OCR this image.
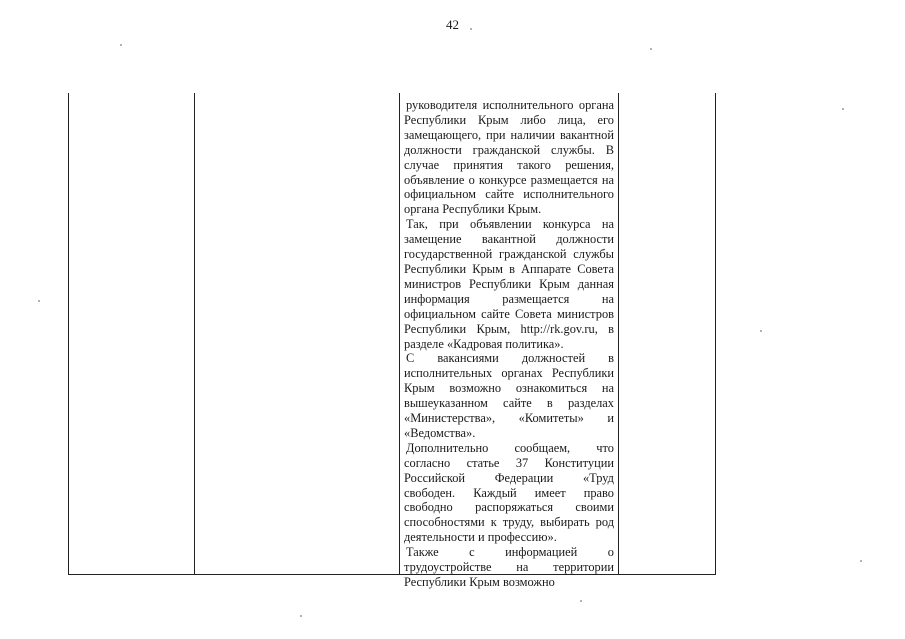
42

руководителя исполнительного органа Республики Крым либо лица, его замещающего, при наличии вакантной должности гражданской службы. В случае принятия такого решения, объявление о конкурсе размещается на официальном сайте исполнительного органа Республики Крым.

Так, при объявлении конкурса на замещение вакантной должности государственной гражданской службы Республики Крым в Аппарате Совета министров Республики Крым данная информация размещается на официальном сайте Совета министров Республики Крым, http://rk.gov.ru, в разделе «Кадровая политика».

С вакансиями должностей в исполнительных органах Республики Крым возможно ознакомиться на вышеуказанном сайте в разделах «Министерства», «Комитеты» и «Ведомства».

Дополнительно сообщаем, что согласно статье 37 Конституции Российской Федерации «Труд свободен. Каждый имеет право свободно распоряжаться своими способностями к труду, выбирать род деятельности и профессию».

Также с информацией о трудоустройстве на территории Республики Крым возможно
